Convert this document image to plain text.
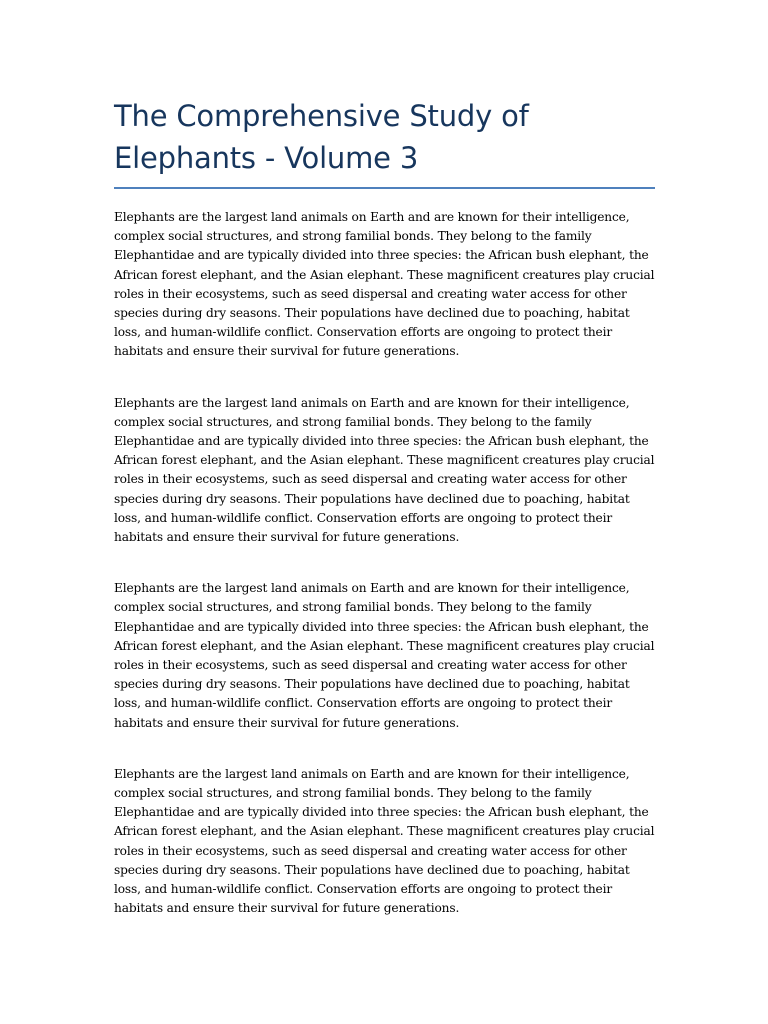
The Comprehensive Study of Elephants - Volume 3

Elephants are the largest land animals on Earth and are known for their intelligence, complex social structures, and strong familial bonds. They belong to the family Elephantidae and are typically divided into three species: the African bush elephant, the African forest elephant, and the Asian elephant. These magnificent creatures play crucial roles in their ecosystems, such as seed dispersal and creating water access for other species during dry seasons. Their populations have declined due to poaching, habitat loss, and human-wildlife conflict. Conservation efforts are ongoing to protect their habitats and ensure their survival for future generations.

Elephants are the largest land animals on Earth and are known for their intelligence, complex social structures, and strong familial bonds. They belong to the family Elephantidae and are typically divided into three species: the African bush elephant, the African forest elephant, and the Asian elephant. These magnificent creatures play crucial roles in their ecosystems, such as seed dispersal and creating water access for other species during dry seasons. Their populations have declined due to poaching, habitat loss, and human-wildlife conflict. Conservation efforts are ongoing to protect their habitats and ensure their survival for future generations.

Elephants are the largest land animals on Earth and are known for their intelligence, complex social structures, and strong familial bonds. They belong to the family Elephantidae and are typically divided into three species: the African bush elephant, the African forest elephant, and the Asian elephant. These magnificent creatures play crucial roles in their ecosystems, such as seed dispersal and creating water access for other species during dry seasons. Their populations have declined due to poaching, habitat loss, and human-wildlife conflict. Conservation efforts are ongoing to protect their habitats and ensure their survival for future generations.

Elephants are the largest land animals on Earth and are known for their intelligence, complex social structures, and strong familial bonds. They belong to the family Elephantidae and are typically divided into three species: the African bush elephant, the African forest elephant, and the Asian elephant. These magnificent creatures play crucial roles in their ecosystems, such as seed dispersal and creating water access for other species during dry seasons. Their populations have declined due to poaching, habitat loss, and human-wildlife conflict. Conservation efforts are ongoing to protect their habitats and ensure their survival for future generations.
